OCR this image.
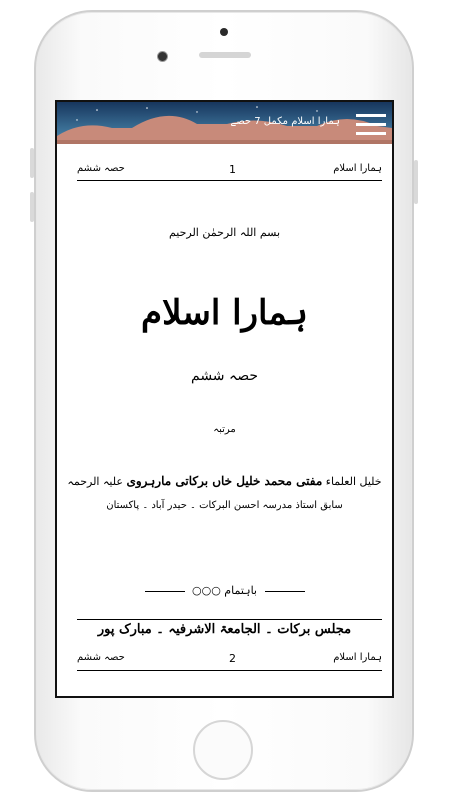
ہمارا اسلام مکمل 7 حصے
حصہ ششم	1	ہمارا اسلام
بسم اللہ الرحمٰن الرحیم
ہمارا اسلام
حصہ ششم
مرتبہ
خلیل العلماء مفتی محمد خلیل خاں برکاتی مارہروی علیہ الرحمہ
سابق استاذ مدرسہ احسن البرکات ۔ حیدر آباد ۔ پاکستان
باہتمام ○○○
مجلس برکات ۔ الجامعۃ الاشرفیہ ۔ مبارک پور
حصہ ششم	2	ہمارا اسلام
